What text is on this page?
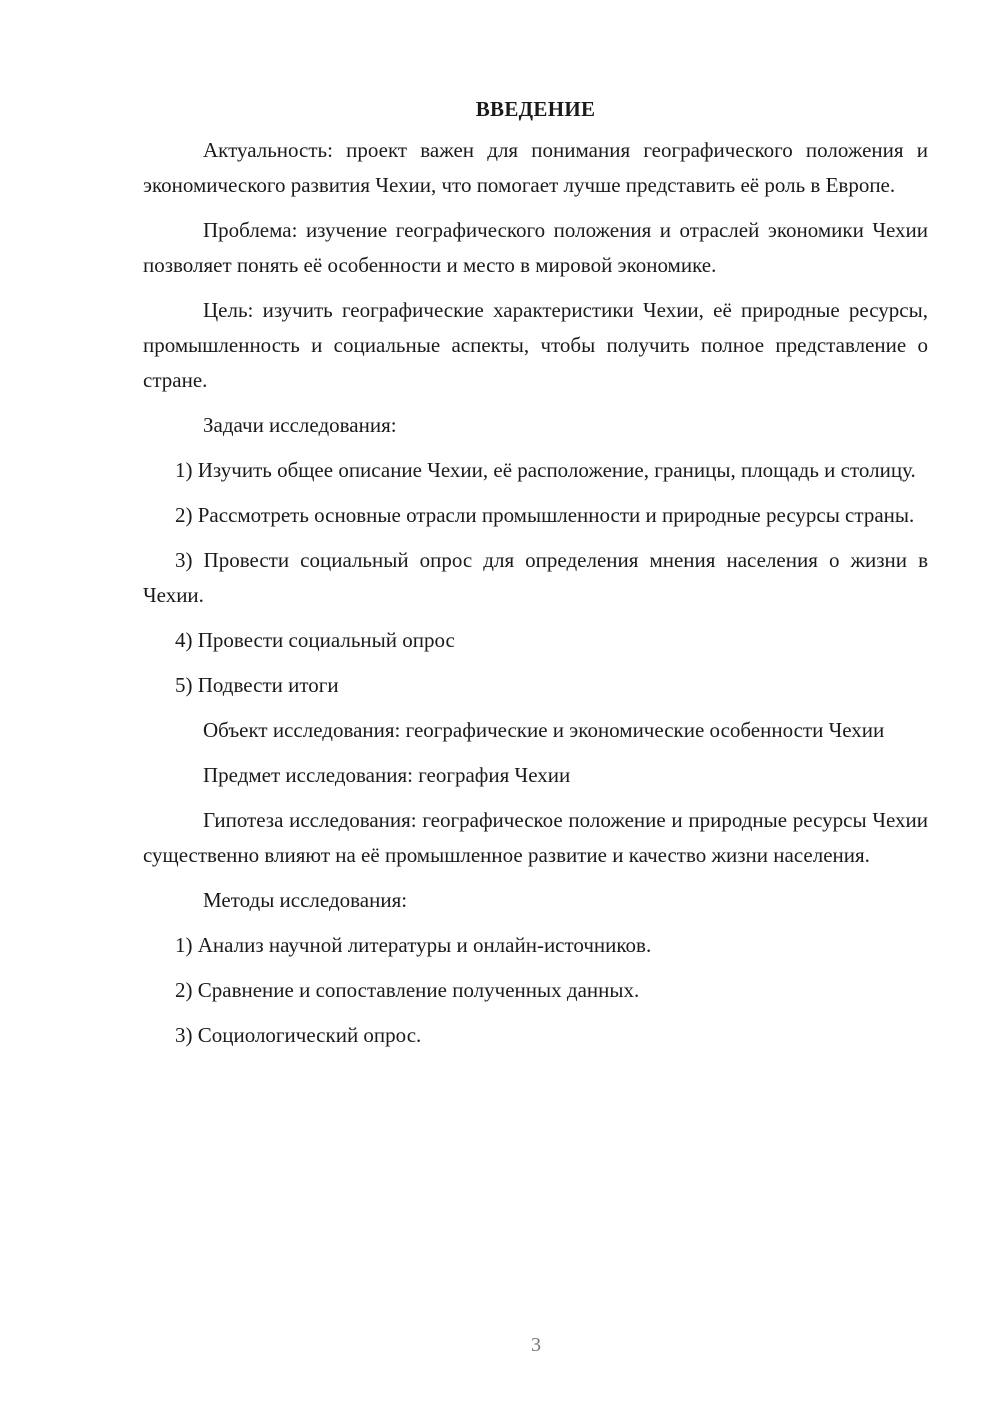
ВВЕДЕНИЕ

Актуальность: проект важен для понимания географического положения и экономического развития Чехии, что помогает лучше представить её роль в Европе.

Проблема: изучение географического положения и отраслей экономики Чехии позволяет понять её особенности и место в мировой экономике.

Цель: изучить географические характеристики Чехии, её природные ресурсы, промышленность и социальные аспекты, чтобы получить полное представление о стране.

Задачи исследования:

1) Изучить общее описание Чехии, её расположение, границы, площадь и столицу.

2) Рассмотреть основные отрасли промышленности и природные ресурсы страны.

3) Провести социальный опрос для определения мнения населения о жизни в Чехии.

4) Провести социальный опрос

5) Подвести итоги

Объект исследования: географические и экономические особенности Чехии

Предмет исследования: география Чехии

Гипотеза исследования: географическое положение и природные ресурсы Чехии существенно влияют на её промышленное развитие и качество жизни населения.

Методы исследования:

1) Анализ научной литературы и онлайн-источников.

2) Сравнение и сопоставление полученных данных.

3) Социологический опрос.

3
